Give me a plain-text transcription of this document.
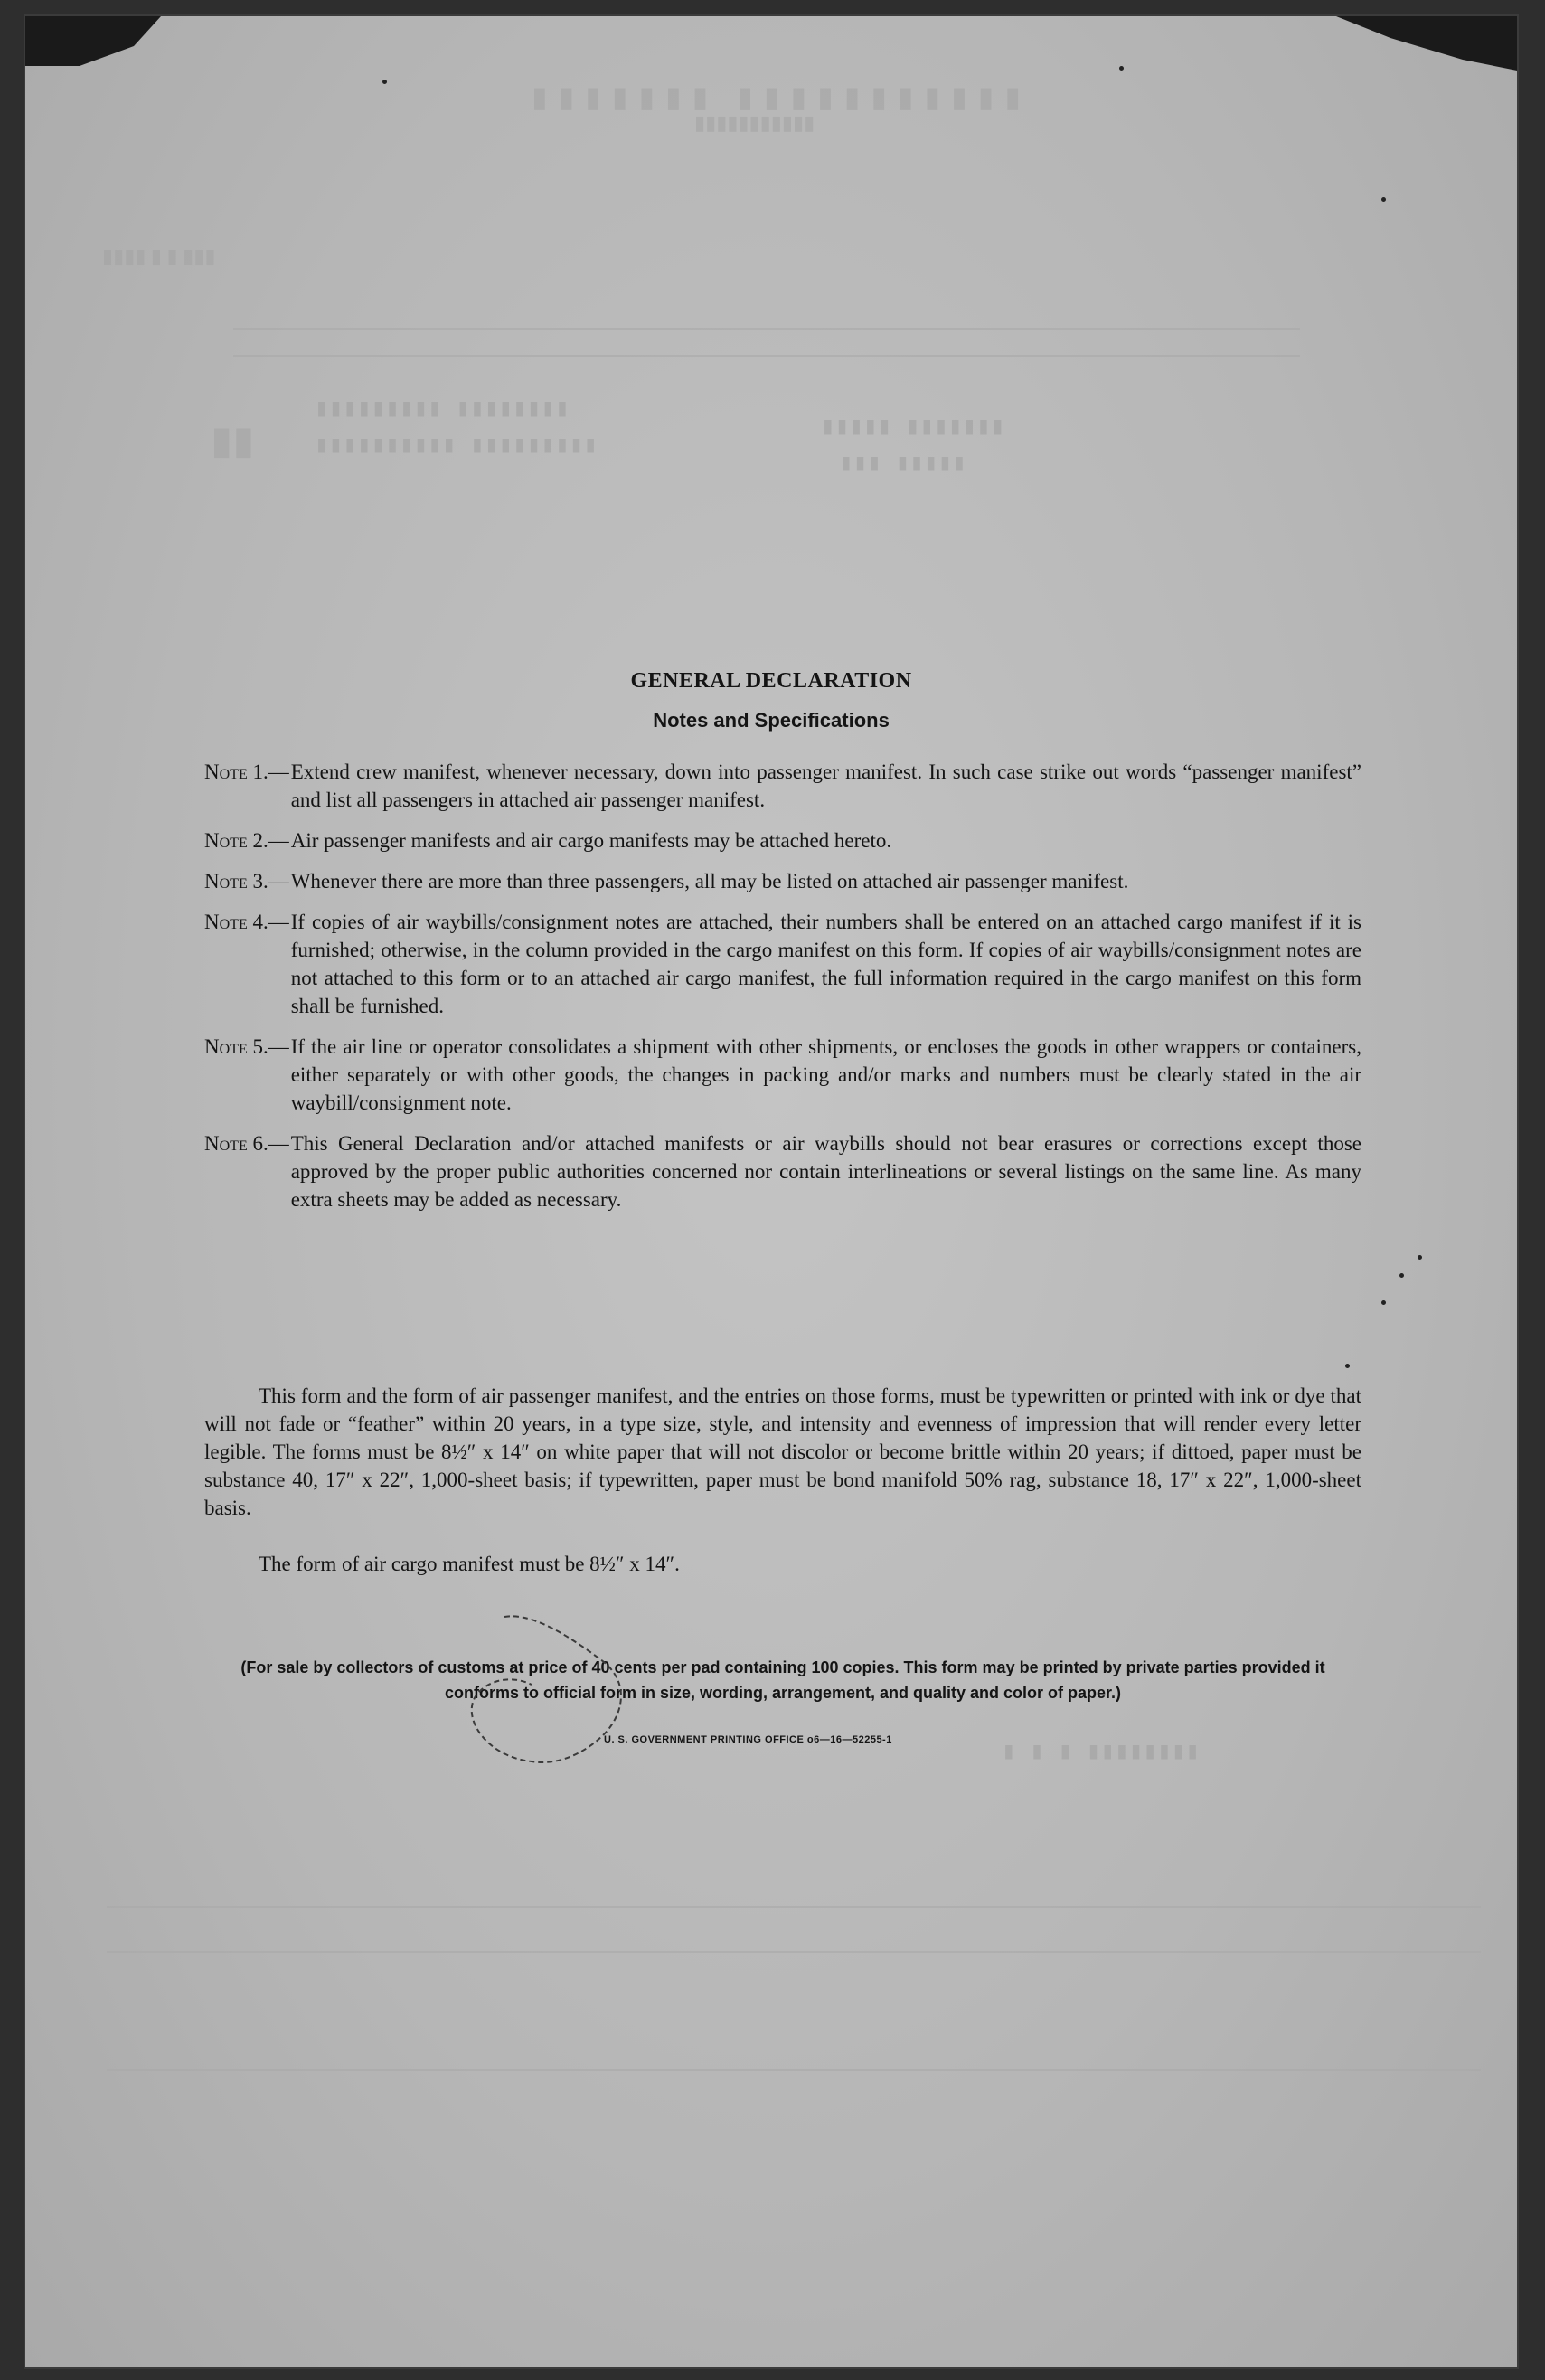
▮▮▮▮▮▮▮ ▮▮▮▮▮▮▮▮▮▮▮
▮▮▮▮▮▮▮▮▮▮▮
▮▮
▮▮▮ ▮ ▮ ▮▮▮▮
▮▮▮▮▮▮▮▮ ▮▮▮▮▮▮▮▮▮
▮▮▮▮▮▮▮▮▮ ▮▮▮▮▮▮▮▮▮▮
▮▮▮▮▮▮▮ ▮▮▮▮▮
▮▮▮▮▮ ▮▮▮
▮▮▮▮▮▮▮▮ ▮ ▮ ▮
GENERAL DECLARATION
Notes and Specifications
Note 1. — Extend crew manifest, whenever necessary, down into passenger manifest. In such case strike out words “passenger manifest” and list all passengers in attached air passenger manifest.
Note 2. — Air passenger manifests and air cargo manifests may be attached hereto.
Note 3. — Whenever there are more than three passengers, all may be listed on attached air passenger manifest.
Note 4. — If copies of air waybills/consignment notes are attached, their numbers shall be entered on an attached cargo manifest if it is furnished; otherwise, in the column provided in the cargo manifest on this form. If copies of air waybills/consignment notes are not attached to this form or to an attached air cargo manifest, the full information required in the cargo manifest on this form shall be furnished.
Note 5. — If the air line or operator consolidates a shipment with other shipments, or encloses the goods in other wrappers or containers, either separately or with other goods, the changes in packing and/or marks and numbers must be clearly stated in the air waybill/consignment note.
Note 6. — This General Declaration and/or attached manifests or air waybills should not bear erasures or corrections except those approved by the proper public authorities concerned nor contain interlineations or several listings on the same line. As many extra sheets may be added as necessary.
This form and the form of air passenger manifest, and the entries on those forms, must be typewritten or printed with ink or dye that will not fade or “feather” within 20 years, in a type size, style, and intensity and evenness of impression that will render every letter legible. The forms must be 8½″ x 14″ on white paper that will not discolor or become brittle within 20 years; if dittoed, paper must be substance 40, 17″ x 22″, 1,000-sheet basis; if typewritten, paper must be bond manifold 50% rag, substance 18, 17″ x 22″, 1,000-sheet basis.
The form of air cargo manifest must be 8½″ x 14″.
(For sale by collectors of customs at price of 40 cents per pad containing 100 copies. This form may be printed by private parties provided it conforms to official form in size, wording, arrangement, and quality and color of paper.)
U. S. GOVERNMENT PRINTING OFFICE o6—16—52255-1
